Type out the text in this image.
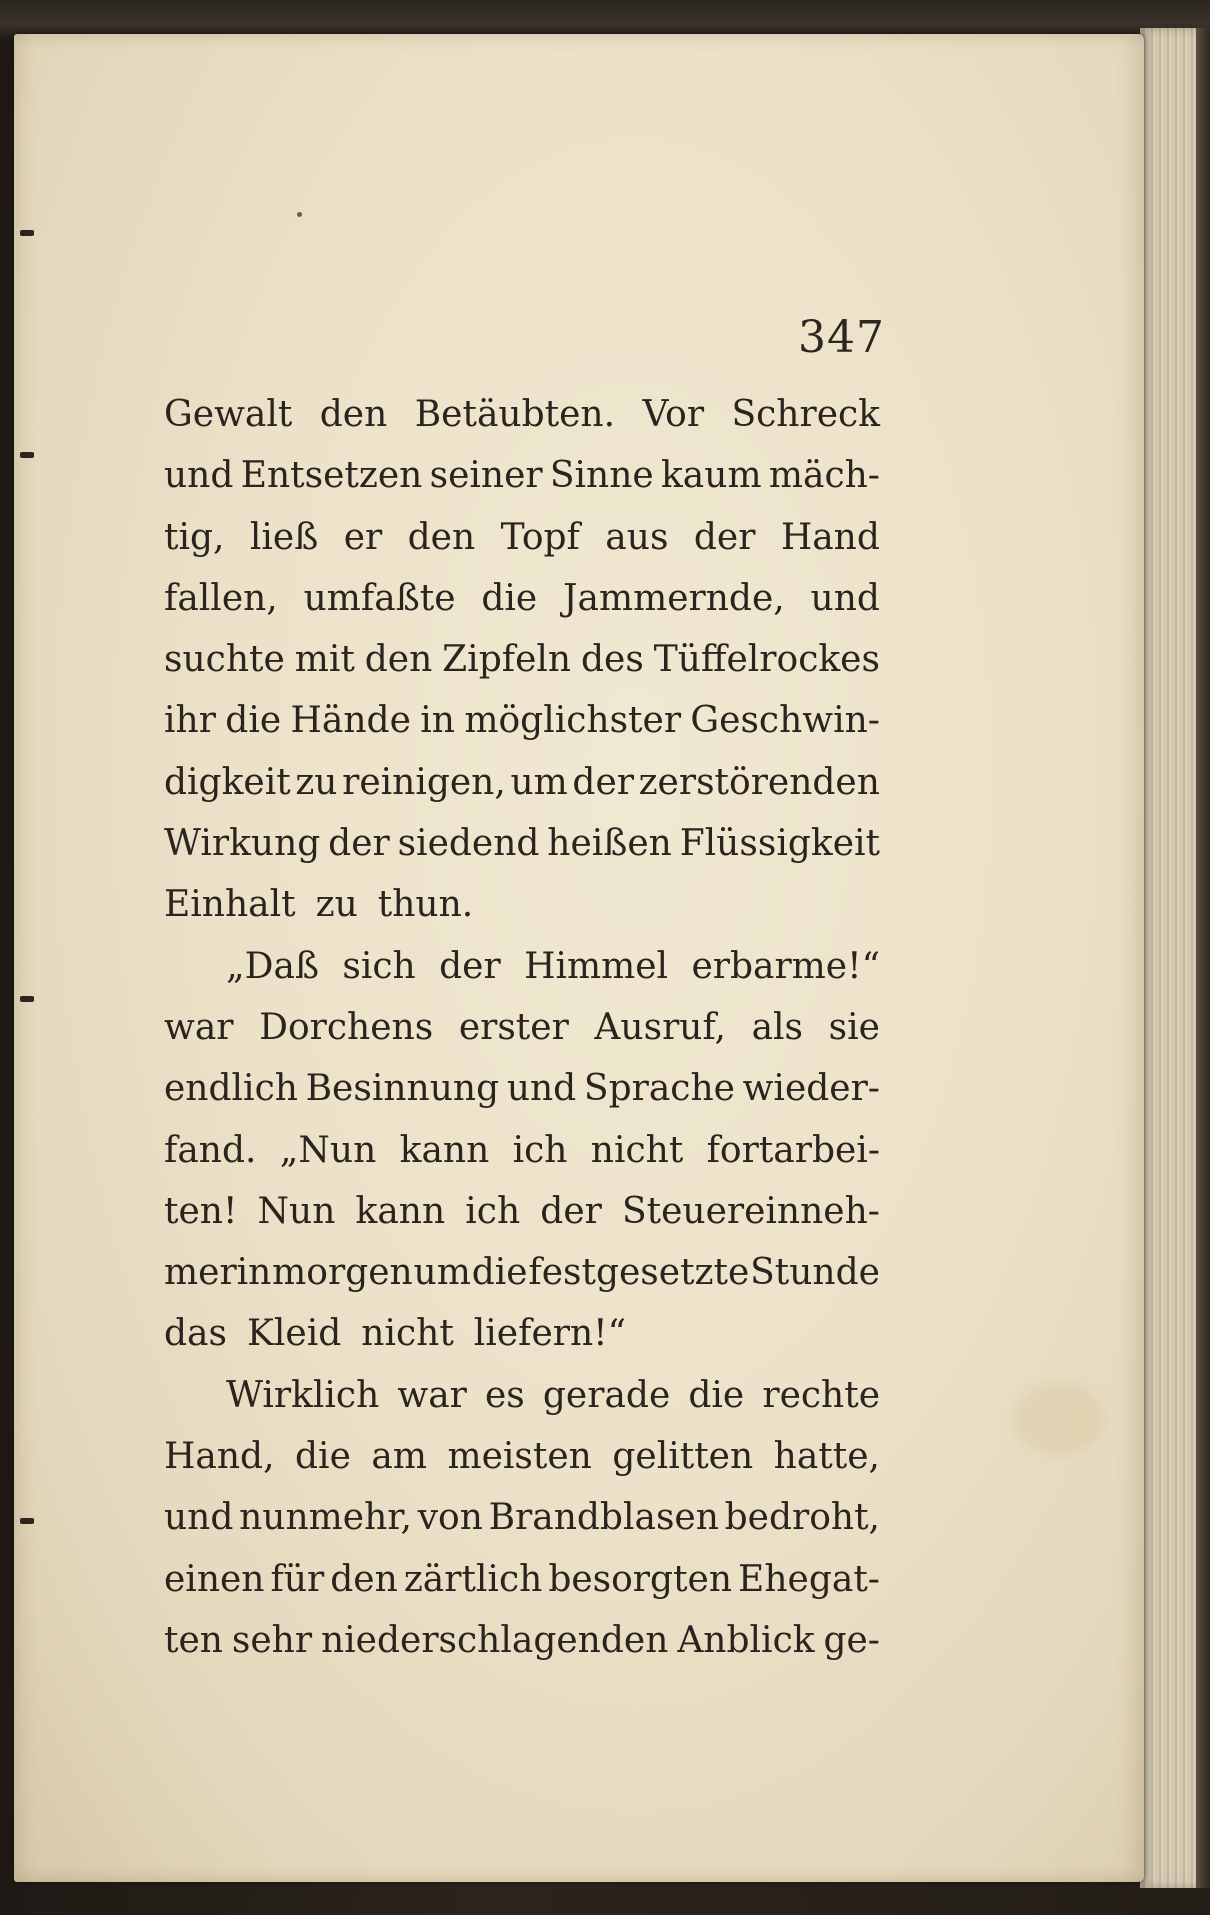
347
Gewalt den Betäubten. Vor Schreck
und Entsetzen seiner Sinne kaum mäch-
tig, ließ er den Topf aus der Hand
fallen, umfaßte die Jammernde, und
suchte mit den Zipfeln des Tüffelrockes
ihr die Hände in möglichster Geschwin-
digkeit zu reinigen, um der zerstörenden
Wirkung der siedend heißen Flüssigkeit
Einhalt zu thun.
„Daß sich der Himmel erbarme!“
war Dorchens erster Ausruf, als sie
endlich Besinnung und Sprache wieder-
fand. „Nun kann ich nicht fortarbei-
ten! Nun kann ich der Steuereinneh-
merin morgen um die festgesetzte Stunde
das Kleid nicht liefern!“
Wirklich war es gerade die rechte
Hand, die am meisten gelitten hatte,
und nunmehr, von Brandblasen bedroht,
einen für den zärtlich besorgten Ehegat-
ten sehr niederschlagenden Anblick ge-
